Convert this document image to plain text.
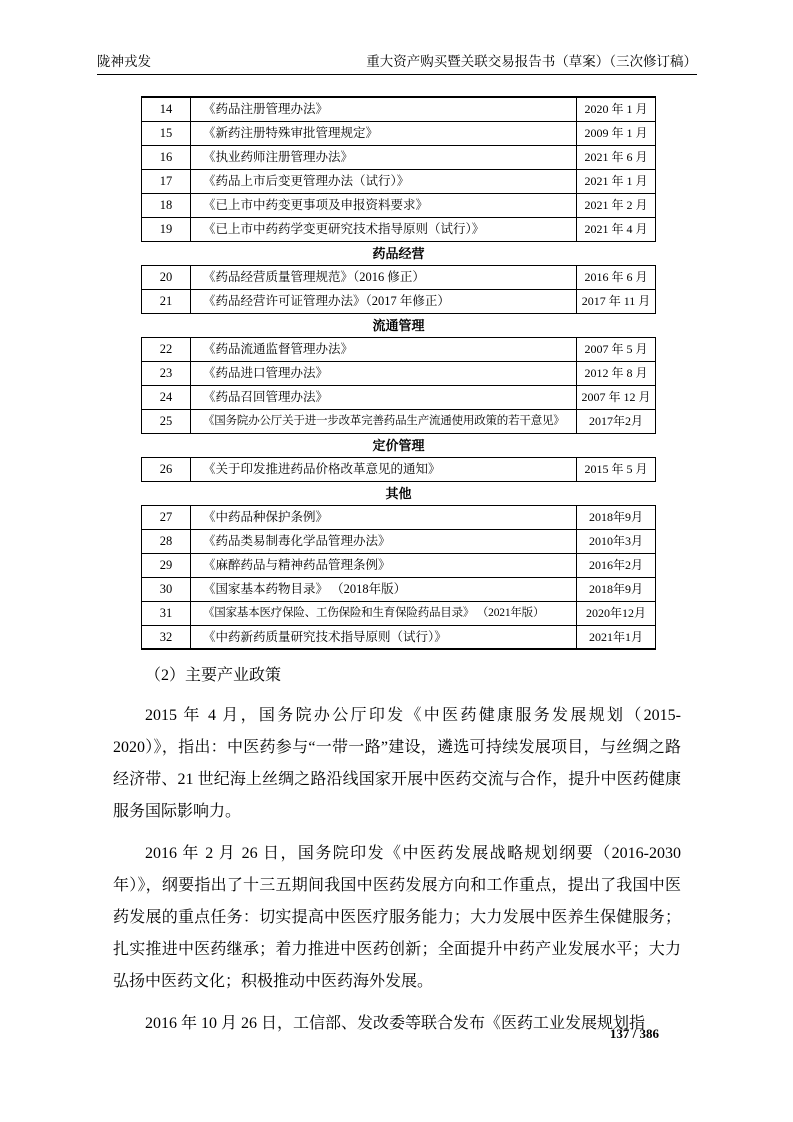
陇神戎发	重大资产购买暨关联交易报告书（草案）（三次修订稿）
14	《药品注册管理办法》	2020 年 1 月
15	《新药注册特殊审批管理规定》	2009 年 1 月
16	《执业药师注册管理办法》	2021 年 6 月
17	《药品上市后变更管理办法（试行）》	2021 年 1 月
18	《已上市中药变更事项及申报资料要求》	2021 年 2 月
19	《已上市中药药学变更研究技术指导原则（试行）》	2021 年 4 月
药品经营
20	《药品经营质量管理规范》（2016 修正）	2016 年 6 月
21	《药品经营许可证管理办法》（2017 年修正）	2017 年 11 月
流通管理
22	《药品流通监督管理办法》	2007 年 5 月
23	《药品进口管理办法》	2012 年 8 月
24	《药品召回管理办法》	2007 年 12 月
25	《国务院办公厅关于进一步改革完善药品生产流通使用政策的若干意见》	2017年2月
定价管理
26	《关于印发推进药品价格改革意见的通知》	2015 年 5 月
其他
27	《中药品种保护条例》	2018年9月
28	《药品类易制毒化学品管理办法》	2010年3月
29	《麻醉药品与精神药品管理条例》	2016年2月
30	《国家基本药物目录》 （2018年版）	2018年9月
31	《国家基本医疗保险、工伤保险和生育保险药品目录》 （2021年版）	2020年12月
32	《中药新药质量研究技术指导原则（试行）》	2021年1月

（2）主要产业政策

2015 年 4 月，国务院办公厅印发《中医药健康服务发展规划（2015-2020）》，指出：中医药参与“一带一路”建设，遴选可持续发展项目，与丝绸之路经济带、21 世纪海上丝绸之路沿线国家开展中医药交流与合作，提升中医药健康服务国际影响力。

2016 年 2 月 26 日，国务院印发《中医药发展战略规划纲要（2016-2030年）》，纲要指出了十三五期间我国中医药发展方向和工作重点，提出了我国中医药发展的重点任务：切实提高中医医疗服务能力；大力发展中医养生保健服务；扎实推进中医药继承；着力推进中医药创新；全面提升中药产业发展水平；大力弘扬中医药文化；积极推动中医药海外发展。

2016 年 10 月 26 日，工信部、发改委等联合发布《医药工业发展规划指

137 / 386
